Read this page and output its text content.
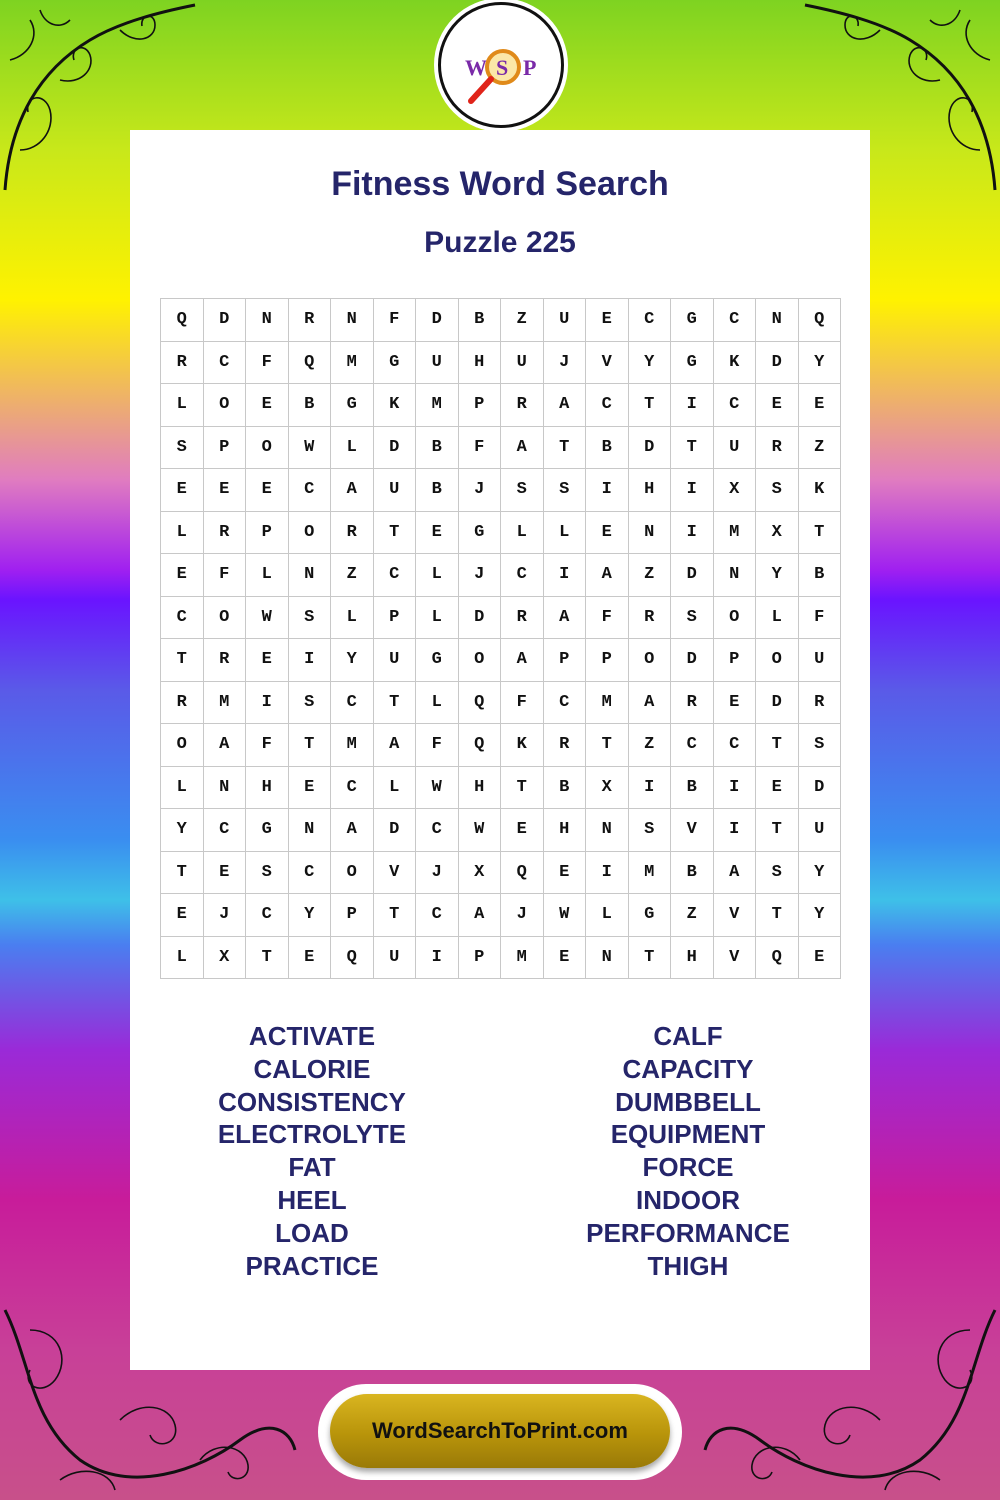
W S P
Fitness Word Search
Puzzle 225
Q	D	N	R	N	F	D	B	Z	U	E	C	G	C	N	Q
R	C	F	Q	M	G	U	H	U	J	V	Y	G	K	D	Y
L	O	E	B	G	K	M	P	R	A	C	T	I	C	E	E
S	P	O	W	L	D	B	F	A	T	B	D	T	U	R	Z
E	E	E	C	A	U	B	J	S	S	I	H	I	X	S	K
L	R	P	O	R	T	E	G	L	L	E	N	I	M	X	T
E	F	L	N	Z	C	L	J	C	I	A	Z	D	N	Y	B
C	O	W	S	L	P	L	D	R	A	F	R	S	O	L	F
T	R	E	I	Y	U	G	O	A	P	P	O	D	P	O	U
R	M	I	S	C	T	L	Q	F	C	M	A	R	E	D	R
O	A	F	T	M	A	F	Q	K	R	T	Z	C	C	T	S
L	N	H	E	C	L	W	H	T	B	X	I	B	I	E	D
Y	C	G	N	A	D	C	W	E	H	N	S	V	I	T	U
T	E	S	C	O	V	J	X	Q	E	I	M	B	A	S	Y
E	J	C	Y	P	T	C	A	J	W	L	G	Z	V	T	Y
L	X	T	E	Q	U	I	P	M	E	N	T	H	V	Q	E
ACTIVATE
CALORIE
CONSISTENCY
ELECTROLYTE
FAT
HEEL
LOAD
PRACTICE
CALF
CAPACITY
DUMBBELL
EQUIPMENT
FORCE
INDOOR
PERFORMANCE
THIGH
WordSearchToPrint.com
